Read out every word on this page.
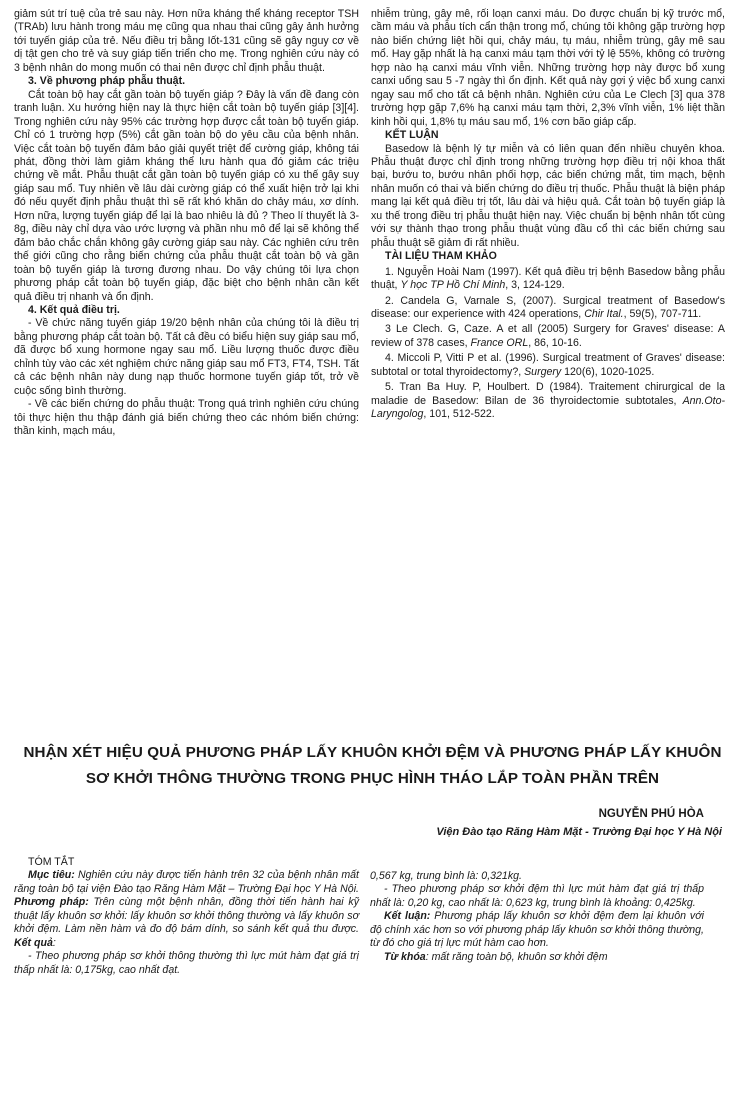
giảm sút trí tuệ của trẻ sau này. Hơn nữa kháng thể kháng receptor TSH (TRAb) lưu hành trong máu mẹ cũng qua nhau thai cũng gây ảnh hưởng tới tuyến giáp của trẻ. Nếu điều trị bằng Iốt-131 cũng sẽ gây nguy cơ về dị tật gen cho trẻ và suy giáp tiến triển cho mẹ. Trong nghiên cứu này có 3 bệnh nhân do mong muốn có thai nên được chỉ định phẫu thuật.

3. Về phương pháp phẫu thuật.

Cắt toàn bộ hay cắt gần toàn bộ tuyến giáp ? Đây là vấn đề đang còn tranh luận. Xu hướng hiện nay là thực hiện cắt toàn bộ tuyến giáp [3][4]. Trong nghiên cứu này 95% các trường hợp được cắt toàn bộ tuyến giáp. Chỉ có 1 trường hợp (5%) cắt gần toàn bộ do yêu cầu của bệnh nhân. Việc cắt toàn bộ tuyến đảm bảo giải quyết triệt để cường giáp, không tái phát, đồng thời làm giảm kháng thể lưu hành qua đó giảm các triệu chứng về mắt. Phẫu thuật cắt gần toàn bộ tuyến giáp có xu thế gây suy giáp sau mổ. Tuy nhiên về lâu dài cường giáp có thể xuất hiện trở lại khi đó nếu quyết định phẫu thuật thì sẽ rất khó khăn do chảy máu, xơ dính. Hơn nữa, lượng tuyến giáp để lại là bao nhiêu là đủ ? Theo lí thuyết là 3-8g, điều này chỉ dựa vào ước lượng và phần nhu mô để lại sẽ không thể đảm bảo chắc chắn không gây cường giáp sau này. Các nghiên cứu trên thế giới cũng cho rằng biến chứng của phẫu thuật cắt toàn bộ và gần toàn bộ tuyến giáp là tương đương nhau. Do vậy chúng tôi lựa chọn phương pháp cắt toàn bộ tuyến giáp, đặc biệt cho bệnh nhân cần kết quả điều trị nhanh và ổn định.

4. Kết quả điều trị.

- Về chức năng tuyến giáp 19/20 bệnh nhân của chúng tôi là điều trị bằng phương pháp cắt toàn bộ. Tất cả đều có biểu hiện suy giáp sau mổ, đã được bổ xung hormone ngay sau mổ. Liều lượng thuốc được điều chỉnh tùy vào các xét nghiệm chức năng giáp sau mổ FT3, FT4, TSH. Tất cả các bệnh nhân này dung nạp thuốc hormone tuyến giáp tốt, trở về cuộc sống bình thường.

- Về các biến chứng do phẫu thuật: Trong quá trình nghiên cứu chúng tôi thực hiện thu thập đánh giá biến chứng theo các nhóm biến chứng: thần kinh, mạch máu,

nhiễm trùng, gây mê, rối loạn canxi máu. Do được chuẩn bị kỹ trước mổ, cầm máu và phẫu tích cẩn thận trong mổ, chúng tôi không gặp trường hợp nào biến chứng liệt hồi qui, chảy máu, tụ máu, nhiễm trùng, gây mê sau mổ. Hay gặp nhất là hạ canxi máu tạm thời với tỷ lệ 55%, không có trường hợp nào hạ canxi máu vĩnh viễn. Những trường hợp này được bổ xung canxi uống sau 5 -7 ngày thì ổn định. Kết quả này gợi ý việc bổ xung canxi ngay sau mổ cho tất cả bệnh nhân. Nghiên cứu của Le Clech [3] qua 378 trường hợp gặp 7,6% hạ canxi máu tạm thời, 2,3% vĩnh viễn, 1% liệt thần kinh hồi qui, 1,8% tụ máu sau mổ, 1% cơn bão giáp cấp.

KẾT LUẬN

Basedow là bệnh lý tự miễn và có liên quan đến nhiều chuyên khoa. Phẫu thuật được chỉ định trong những trường hợp điều trị nội khoa thất bại, bướu to, bướu nhân phối hợp, các biến chứng mắt, tim mạch, bệnh nhân muốn có thai và biến chứng do điều trị thuốc. Phẫu thuật là biện pháp mang lại kết quả điều trị tốt, lâu dài và hiệu quả. Cắt toàn bộ tuyến giáp là xu thế trong điều trị phẫu thuật hiện nay. Việc chuẩn bị bệnh nhân tốt cùng với sự thành thạo trong phẫu thuật vùng đầu cổ thì các biến chứng sau phẫu thuật sẽ giảm đi rất nhiều.

TÀI LIỆU THAM KHẢO

1. Nguyễn Hoài Nam (1997). Kết quả điều trị bệnh Basedow bằng phẫu thuật, Y học TP Hồ Chí Minh, 3, 124-129.

2. Candela G, Varnale S, (2007). Surgical treatment of Basedow's disease: our experience with 424 operations, Chir Ital., 59(5), 707-711.

3 Le Clech. G, Caze. A et all (2005) Surgery for Graves' disease: A review of 378 cases, France ORL, 86, 10-16.

4. Miccoli P, Vitti P et al. (1996). Surgical treatment of Graves' disease: subtotal or total thyroidectomy?, Surgery 120(6), 1020-1025.

5. Tran Ba Huy. P, Houlbert. D (1984). Traitement chirurgical de la maladie de Basedow: Bilan de 36 thyroidectomie subtotales, Ann.Oto-Laryngolog, 101, 512-522.

NHẬN XÉT HIỆU QUẢ PHƯƠNG PHÁP LẤY KHUÔN KHỞI ĐỆM VÀ PHƯƠNG PHÁP LẤY KHUÔN
SƠ KHỞI THÔNG THƯỜNG TRONG PHỤC HÌNH THÁO LẮP TOÀN PHẦN TRÊN
NGUYỄN PHÚ HÒA
Viện Đào tạo Răng Hàm Mặt - Trường Đại học Y Hà Nội

TÓM TẮT

Mục tiêu: Nghiên cứu này được tiến hành trên 32 của bệnh nhân mất răng toàn bộ tại viện Đào tạo Răng Hàm Mặt – Trường Đại học Y Hà Nội. Phương pháp: Trên cùng một bệnh nhân, đồng thời tiến hành hai kỹ thuật lấy khuôn sơ khởi: lấy khuôn sơ khởi thông thường và lấy khuôn sơ khởi đệm. Làm nền hàm và đo độ bám dính, so sánh kết quả thu được. Kết quả:

- Theo phương pháp sơ khởi thông thường thì lực mút hàm đạt giá trị thấp nhất là: 0,175kg, cao nhất đạt.

0,567 kg, trung bình là: 0,321kg.

- Theo phương pháp sơ khởi đệm thì lực mút hàm đạt giá trị thấp nhất là: 0,20 kg, cao nhất là: 0,623 kg, trung bình là khoảng: 0,425kg.

Kết luận: Phương pháp lấy khuôn sơ khởi đệm đem lại khuôn với độ chính xác hơn so với phương pháp lấy khuôn sơ khởi thông thường, từ đó cho giá trị lực mút hàm cao hơn.

Từ khóa: mất răng toàn bộ, khuôn sơ khởi đệm
